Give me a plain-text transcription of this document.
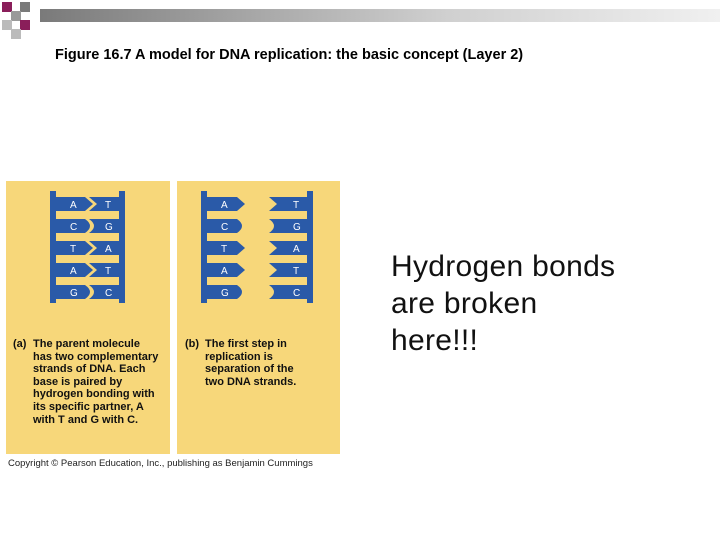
Figure 16.7 A model for DNA replication: the basic concept (Layer 2)
A	T
C	G
T	A
A	T
G	C
(a) The parent molecule
has two complementary
strands of DNA. Each
base is paired by
hydrogen bonding with
its specific partner, A
with T and G with C.
A	T
C	G
T	A
A	T
G	C
(b) The first step in
replication is
separation of the
two DNA strands.
Copyright © Pearson Education, Inc., publishing as Benjamin Cummings
Hydrogen bonds
are broken
here!!!
